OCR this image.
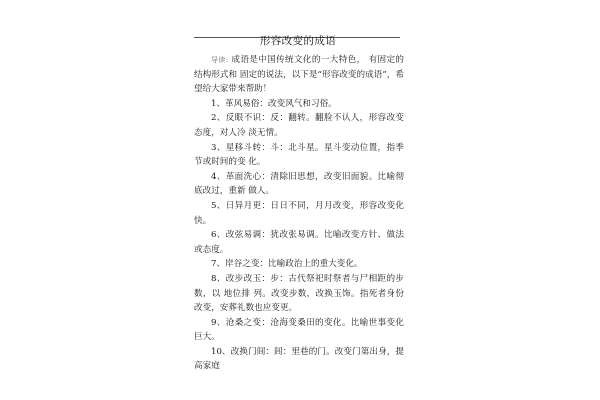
形容改变的成语

导读: 成语是中国传统文化的一大特色， 有固定的结构形式和 固定的说法，以下是“形容改变的成语”，希望给大家带来帮助！

1、革风易俗：改变风气和习俗。

2、反眼不识：反：翻转。翻脸不认人，形容改变态度，对人冷 淡无情。

3、星移斗转：斗：北斗星。星斗变动位置，指季节或时间的变 化。

4、革面洗心：清除旧思想，改变旧面貌。比喻彻底改过，重新 做人。

5、日异月更：日日不同，月月改变，形容改变化快。

6、改弦易调：犹改张易调。比喻改变方针、做法或态度。

7、岸谷之变：比喻政治上的重大变化。

8、改步改玉：步：古代祭祀时祭者与尸相距的步数，以 地位排 列。改变步数，改换玉饰。指死者身份改变，安葬礼数也应变更。

9、沧桑之变：沧海变桑田的变化。比喻世事变化巨大。

10、改换门闾：闾：里巷的门。改变门第出身，提高家庭
